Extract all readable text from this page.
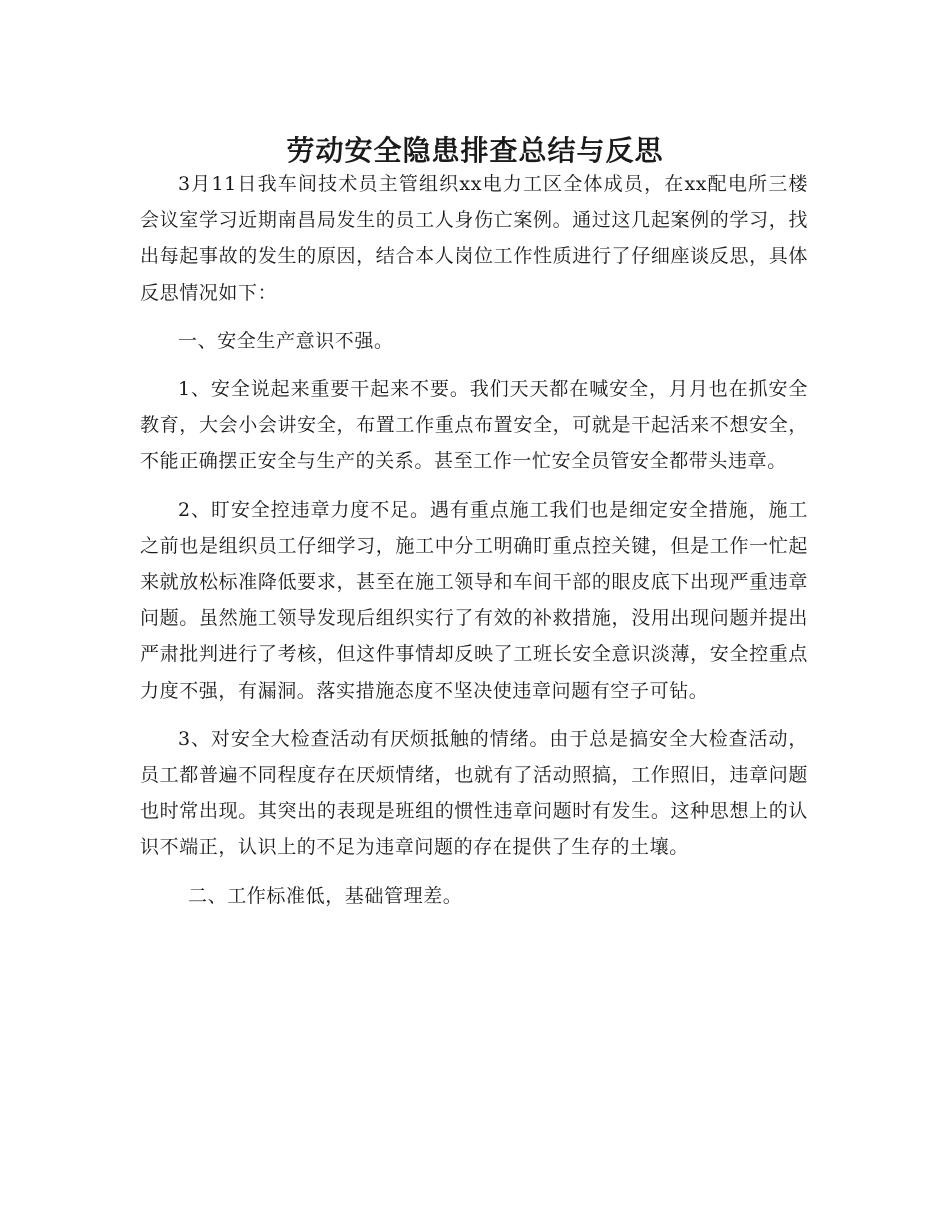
劳动安全隐患排查总结与反思

3月11日我车间技术员主管组织xx电力工区全体成员，在xx配电所三楼会议室学习近期南昌局发生的员工人身伤亡案例。通过这几起案例的学习，找出每起事故的发生的原因，结合本人岗位工作性质进行了仔细座谈反思，具体反思情况如下：

一、安全生产意识不强。

1、安全说起来重要干起来不要。我们天天都在喊安全，月月也在抓安全教育，大会小会讲安全，布置工作重点布置安全，可就是干起活来不想安全，不能正确摆正安全与生产的关系。甚至工作一忙安全员管安全都带头违章。

2、盯安全控违章力度不足。遇有重点施工我们也是细定安全措施，施工之前也是组织员工仔细学习，施工中分工明确盯重点控关键，但是工作一忙起来就放松标准降低要求，甚至在施工领导和车间干部的眼皮底下出现严重违章问题。虽然施工领导发现后组织实行了有效的补救措施，没用出现问题并提出严肃批判进行了考核，但这件事情却反映了工班长安全意识淡薄，安全控重点力度不强，有漏洞。落实措施态度不坚决使违章问题有空子可钻。

3、对安全大检查活动有厌烦抵触的情绪。由于总是搞安全大检查活动，员工都普遍不同程度存在厌烦情绪，也就有了活动照搞，工作照旧，违章问题也时常出现。其突出的表现是班组的惯性违章问题时有发生。这种思想上的认识不端正，认识上的不足为违章问题的存在提供了生存的土壤。

二、工作标准低，基础管理差。
